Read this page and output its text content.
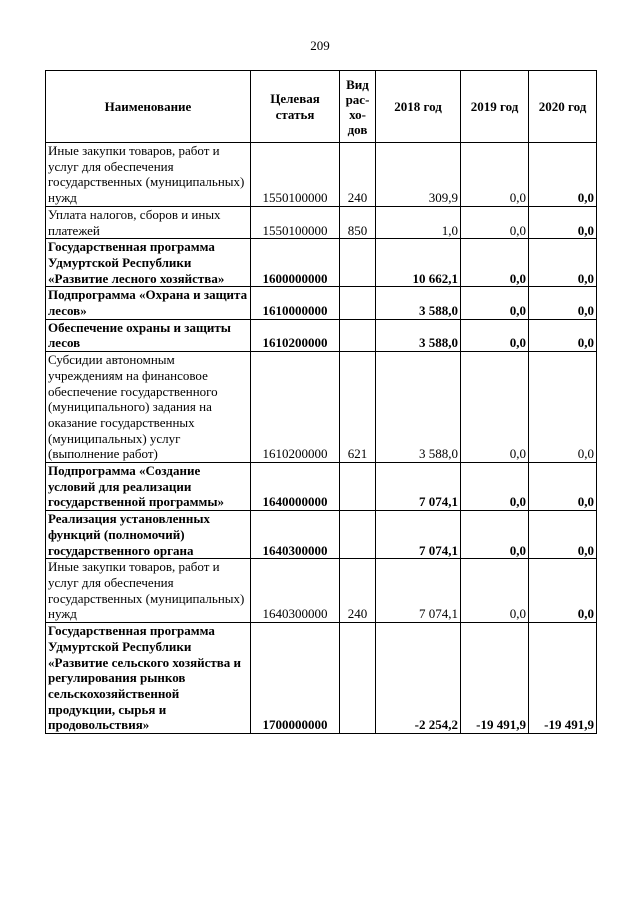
209
Наименование	Целевая статья	Вид рас-хо-дов	2018 год	2019 год	2020 год
Иные закупки товаров, работ и услуг для обеспечения государственных (муниципальных) нужд	1550100000	240	309,9	0,0	0,0
Уплата налогов, сборов и иных платежей	1550100000	850	1,0	0,0	0,0
Государственная программа Удмуртской Республики «Развитие лесного хозяйства»	1600000000		10 662,1	0,0	0,0
Подпрограмма «Охрана и защита лесов»	1610000000		3 588,0	0,0	0,0
Обеспечение охраны и защиты лесов	1610200000		3 588,0	0,0	0,0
Субсидии автономным учреждениям на финансовое обеспечение государственного (муниципального) задания на оказание государственных (муниципальных) услуг (выполнение работ)	1610200000	621	3 588,0	0,0	0,0
Подпрограмма «Создание условий для реализации государственной программы»	1640000000		7 074,1	0,0	0,0
Реализация установленных функций (полномочий) государственного органа	1640300000		7 074,1	0,0	0,0
Иные закупки товаров, работ и услуг для обеспечения государственных (муниципальных) нужд	1640300000	240	7 074,1	0,0	0,0
Государственная программа Удмуртской Республики «Развитие сельского хозяйства и регулирования рынков сельскохозяйственной продукции, сырья и продовольствия»	1700000000		-2 254,2	-19 491,9	-19 491,9
